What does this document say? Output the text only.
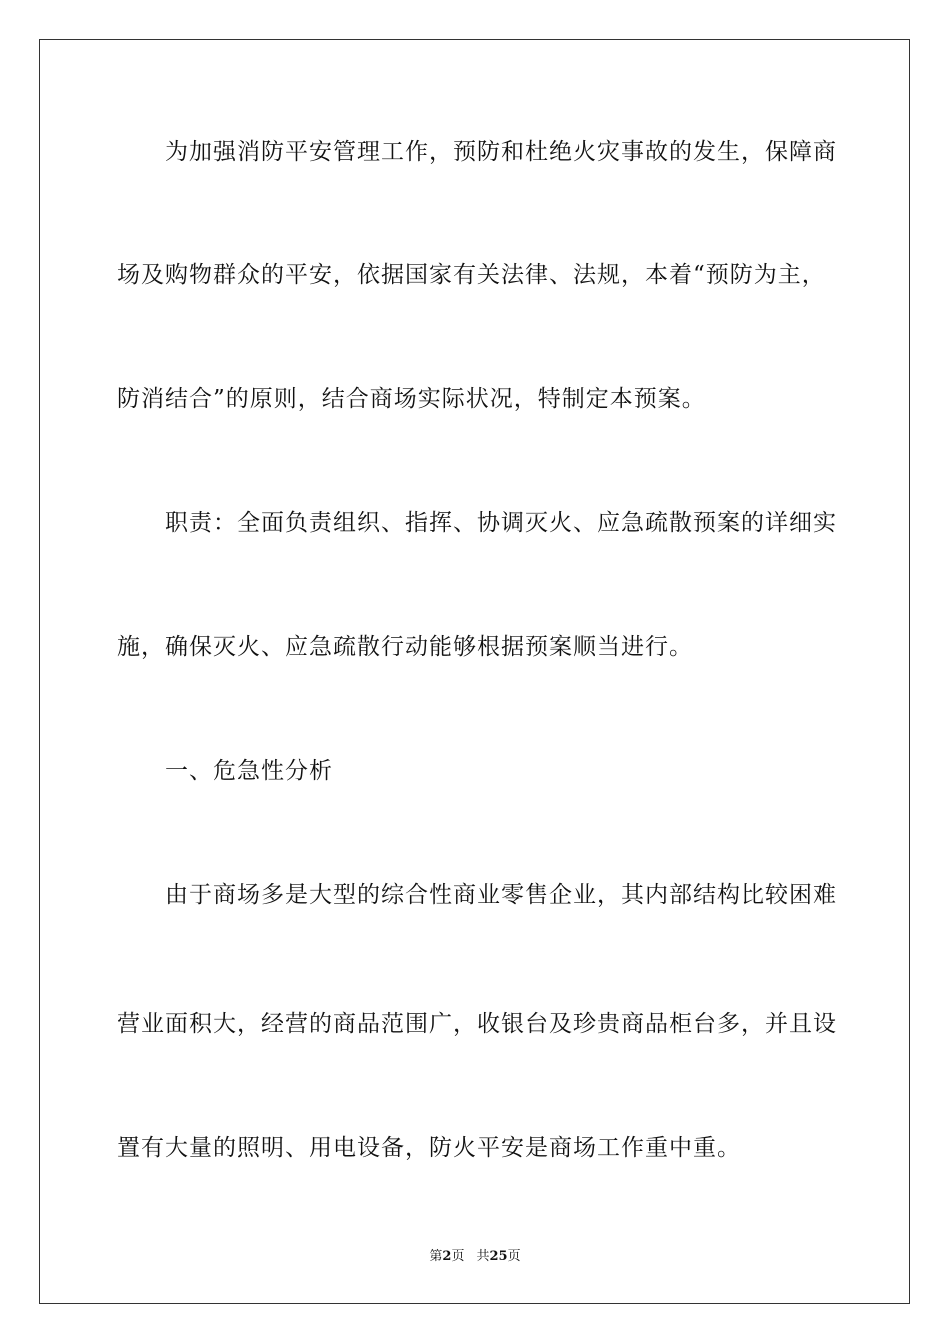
为加强消防平安管理工作，预防和杜绝火灾事故的发生，保障商
场及购物群众的平安，依据国家有关法律、法规，本着“预防为主，
防消结合”的原则，结合商场实际状况，特制定本预案。
职责：全面负责组织、指挥、协调灭火、应急疏散预案的详细实
施，确保灭火、应急疏散行动能够根据预案顺当进行。
一、危急性分析
由于商场多是大型的综合性商业零售企业，其内部结构比较困难
营业面积大，经营的商品范围广，收银台及珍贵商品柜台多，并且设
置有大量的照明、用电设备，防火平安是商场工作重中重。
第2页 共25页
